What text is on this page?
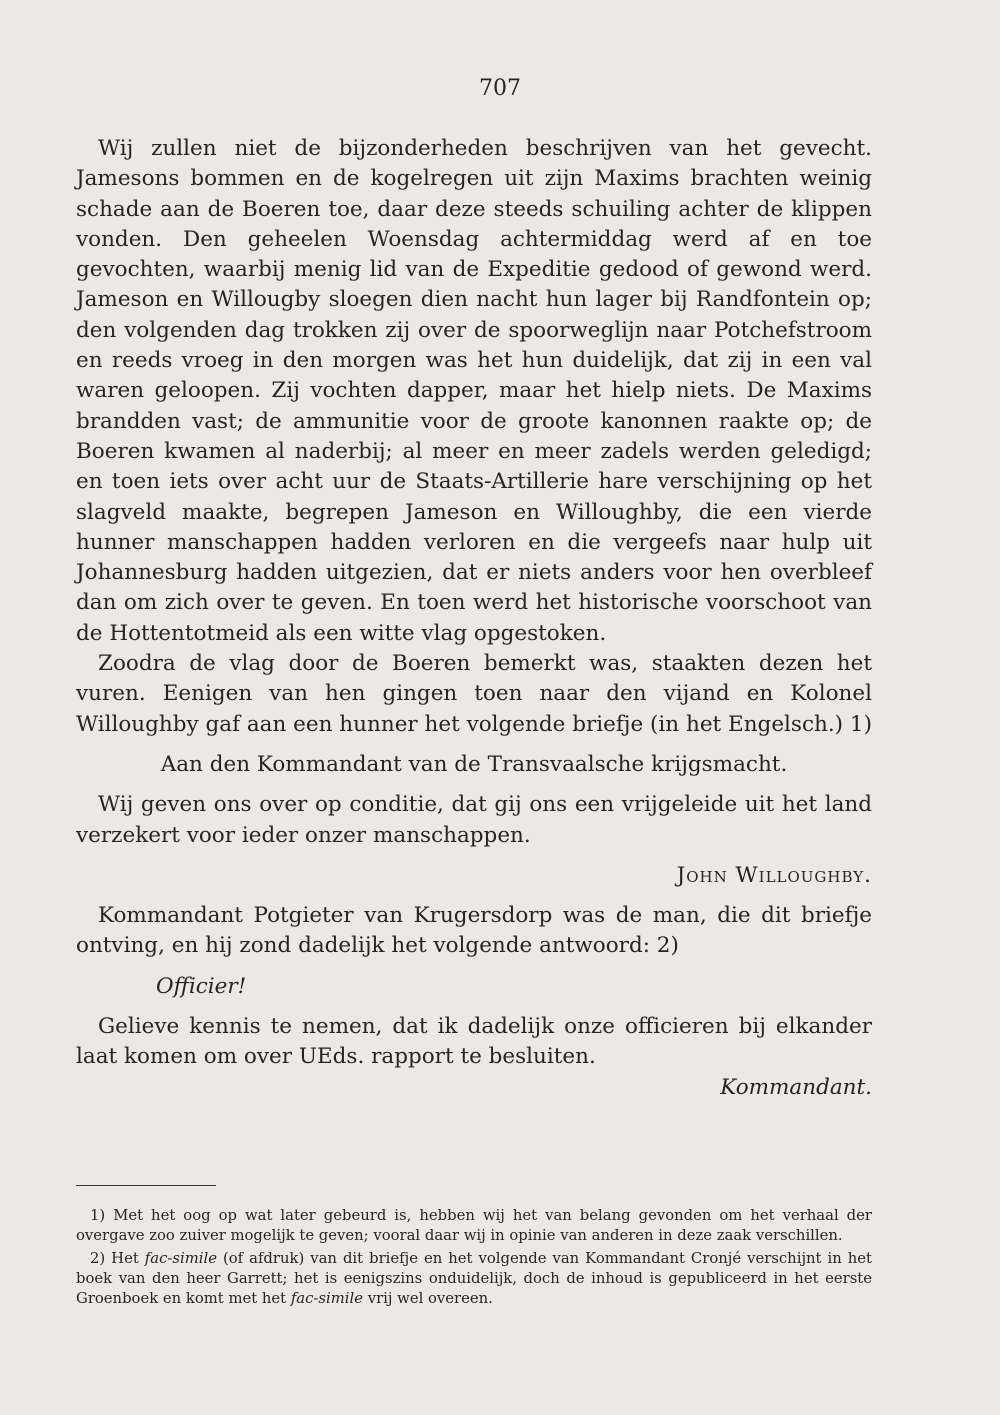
707

Wij zullen niet de bijzonderheden beschrijven van het gevecht. Jamesons bommen en de kogelregen uit zijn Maxims brachten weinig schade aan de Boeren toe, daar deze steeds schuiling achter de klippen vonden. Den geheelen Woensdag achtermiddag werd af en toe gevochten, waarbij menig lid van de Expeditie gedood of gewond werd. Jameson en Willougby sloegen dien nacht hun lager bij Randfontein op; den volgenden dag trokken zij over de spoorweglijn naar Potchefstroom en reeds vroeg in den morgen was het hun duidelijk, dat zij in een val waren geloopen. Zij vochten dapper, maar het hielp niets. De Maxims brandden vast; de ammunitie voor de groote kanonnen raakte op; de Boeren kwamen al naderbij; al meer en meer zadels werden geledigd; en toen iets over acht uur de Staats-Artillerie hare verschijning op het slagveld maakte, begrepen Jameson en Willoughby, die een vierde hunner manschappen hadden verloren en die vergeefs naar hulp uit Johannesburg hadden uitgezien, dat er niets anders voor hen overbleef dan om zich over te geven. En toen werd het historische voorschoot van de Hottentotmeid als een witte vlag opgestoken.

Zoodra de vlag door de Boeren bemerkt was, staakten dezen het vuren. Eenigen van hen gingen toen naar den vijand en Kolonel Willoughby gaf aan een hunner het volgende briefje (in het Engelsch.) 1)

Aan den Kommandant van de Transvaalsche krijgsmacht.

Wij geven ons over op conditie, dat gij ons een vrijgeleide uit het land verzekert voor ieder onzer manschappen.

John Willoughby.

Kommandant Potgieter van Krugersdorp was de man, die dit briefje ontving, en hij zond dadelijk het volgende antwoord: 2)

Officier!

Gelieve kennis te nemen, dat ik dadelijk onze officieren bij elkander laat komen om over UEds. rapport te besluiten.

Kommandant.

1) Met het oog op wat later gebeurd is, hebben wij het van belang gevonden om het verhaal der overgave zoo zuiver mogelijk te geven; vooral daar wij in opinie van anderen in deze zaak verschillen.

2) Het fac-simile (of afdruk) van dit briefje en het volgende van Kommandant Cronjé verschijnt in het boek van den heer Garrett; het is eenigszins onduidelijk, doch de inhoud is gepubliceerd in het eerste Groenboek en komt met het fac-simile vrij wel overeen.
